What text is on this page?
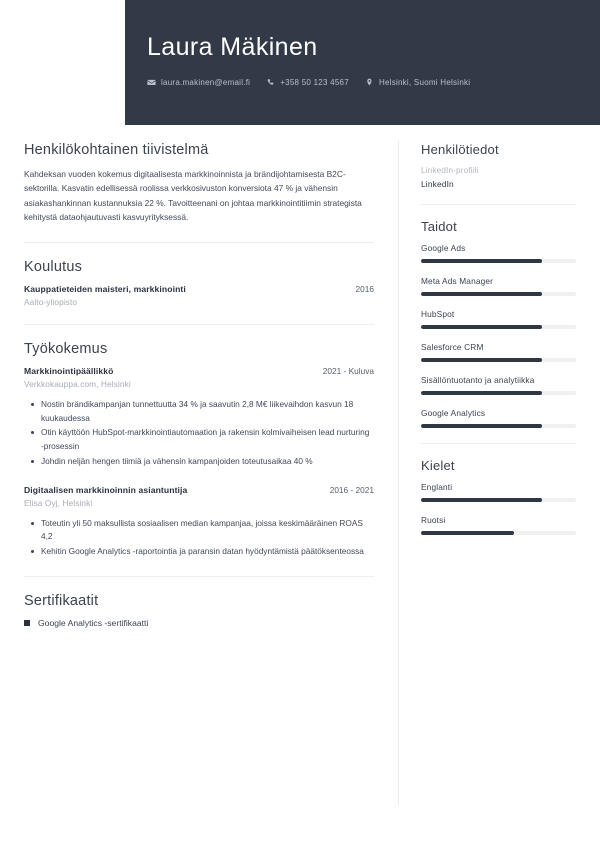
Laura Mäkinen
laura.makinen@email.fi	+358 50 123 4567	Helsinki, Suomi Helsinki
Henkilökohtainen tiivistelmä

Kahdeksan vuoden kokemus digitaalisesta markkinoinnista ja brändijohtamisesta B2C-sektorilla. Kasvatin edellisessä roolissa verkkosivuston konversiota 47 % ja vähensin asiakashankinnan kustannuksia 22 %. Tavoitteenani on johtaa markkinointitiimin strategista kehitystä dataohjautuvasti kasvuyrityksessä.

Koulutus
Kauppatieteiden maisteri, markkinointi	2016
Aalto-yliopisto
Työkokemus
Markkinointipäällikkö	2021 - Kuluva
Verkkokauppa.com, Helsinki
Nostin brändikampanjan tunnettuutta 34 % ja saavutin 2,8 M€ liikevaihdon kasvun 18 kuukaudessa
Otin käyttöön HubSpot-markkinointiautomaation ja rakensin kolmivaiheisen lead nurturing -prosessin
Johdin neljän hengen tiimiä ja vähensin kampanjoiden toteutusaikaa 40 %
Digitaalisen markkinoinnin asiantuntija	2016 - 2021
Elisa Oyj, Helsinki
Toteutin yli 50 maksullista sosiaalisen median kampanjaa, joissa keskimääräinen ROAS 4,2
Kehitin Google Analytics -raportointia ja paransin datan hyödyntämistä päätöksenteossa
Sertifikaatit
Google Analytics -sertifikaatti
Henkilötiedot
LinkedIn-profiili
LinkedIn
Taidot
Google Ads
Meta Ads Manager
HubSpot
Salesforce CRM
Sisällöntuotanto ja analytiikka
Google Analytics
Kielet
Englanti
Ruotsi
